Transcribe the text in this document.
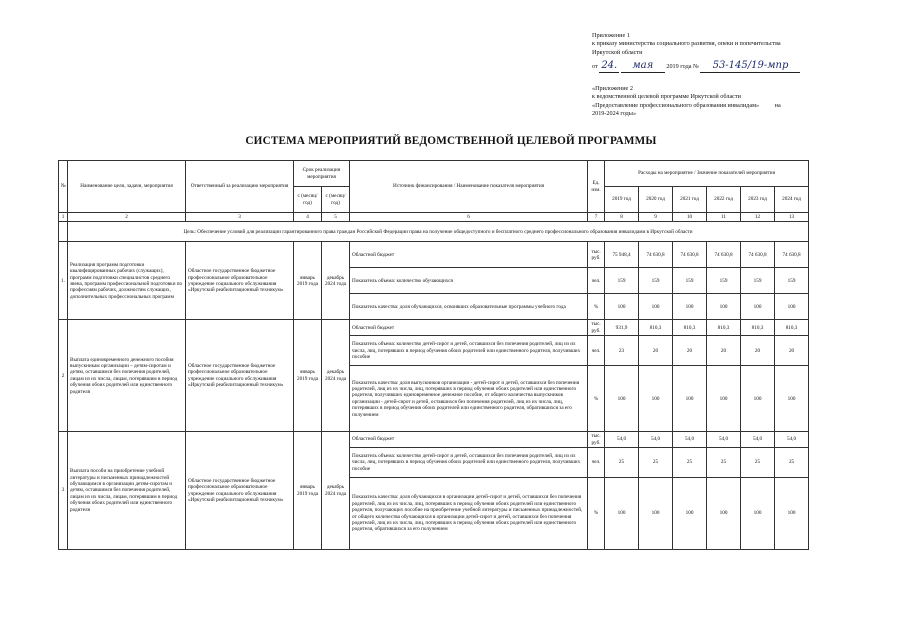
Приложение 1

к приказу министерства социального развития, опеки и попечительства

Иркутской области

от 24. мая 2019 года № 53-145/19-мпр

«Приложение 2

к ведомственной целевой программе Иркутской области

«Предоставление профессионального образования инвалидам»	на

2019-2024 годы»

СИСТЕМА МЕРОПРИЯТИЙ ВЕДОМСТВЕННОЙ ЦЕЛЕВОЙ ПРОГРАММЫ
№	Наименование цели, задачи, мероприятия	Ответственный за реализацию мероприятия	Срок реализации мероприятия		Источник финансирования / Наименование показателя мероприятия	Ед. изм.	Расходы на мероприятие / Значение показателей мероприятия					
			с (месяц/год)	с (месяц/год)			2019 год	2020 год	2021 год	2022 год	2023 год	2024 год
1	2	3	4	5	6	7	8	9	10	11	12	13
	Цель: Обеспечение условий для реализации гарантированного права граждан Российской Федерации права на получение общедоступного и бесплатного среднего профессионального образования инвалидами в Иркутской области											
1.	Реализация программ подготовки квалифицированных рабочих (служащих), программ подготовки специалистов среднего звена, программ профессиональной подготовки по профессиям рабочих, должностям служащих, дополнительных профессиональных программ	Областное государственное бюджетное профессиональное образовательное учреждение социального обслуживания «Иркутский реабилитационный техникум»	январь 2019 года	декабрь 2024 года	Областной бюджет	тыс. руб.	75 948,4	74 630,8	74 630,8	74 630,8	74 630,8	74 630,8
					Показатель объема: количество обучающихся	чел.	159	159	159	159	159	159
					Показатель качества: доля обучающихся, освоивших образовательные программы учебного года	%	100	100	100	100	100	100
2	Выплата единовременного денежного пособия выпускникам организации – детям-сиротам и детям, оставшимся без попечения родителей, лицам из их числа, лицам, потерявшим в период обучения обоих родителей или единственного родителя	Областное государственное бюджетное профессиональное образовательное учреждение социального обслуживания «Иркутский реабилитационный техникум»	январь 2019 года	декабрь 2024 года	Областной бюджет	тыс. руб.	931,9	810,3	810,3	810,3	810,3	810,3
					Показатель объема: количество детей-сирот и детей, оставшихся без попечения родителей, лиц из их числа, лиц, потерявших в период обучения обоих родителей или единственного родителя, получивших пособие	чел.	23	20	20	20	20	20
					Показатель качества: доля выпускников организации - детей-сирот и детей, оставшихся без попечения родителей, лиц из их числа, лиц, потерявших в период обучения обоих родителей или единственного родителя, получивших единовременное денежное пособие, от общего количества выпускников организации - детей-сирот и детей, оставшихся без попечения родителей, лиц из их числа, лиц, потерявших в период обучения обоих родителей или единственного родителя, обратившихся за его получением	%	100	100	100	100	100	100
3	Выплата пособи на приобретение учебной литературы и письменных принадлежностей обучающимся в организации детям-сиротам и детям, оставшимся без попечения родителей, лицам из их числа, лицам, потерявшим в период обучения обоих родителей или единственного родителя	Областное государственное бюджетное профессиональное образовательное учреждение социального обслуживания «Иркутский реабилитационный техникум»	январь 2019 года	декабрь 2024 года	Областной бюджет	тыс. руб.	54,0	54,0	54,0	54,0	54,0	54,0
					Показатель объема: количество детей-сирот и детей, оставшихся без попечения родителей, лиц из их числа, лиц, потерявших в период обучения обоих родителей или единственного родителя, получивших пособие	чел.	25	25	25	25	25	25
					Показатель качества: доля обучающихся в организации детей-сирот и детей, оставшихся без попечения родителей, лиц из их числа, лиц, потерявших в период обучения обоих родителей или единственного родителя, получающих пособие на приобретение учебной литературы и письменных принадлежностей, от общего количества обучающихся в организации детей-сирот и детей, оставшихся без попечения родителей, лиц из их числа, лиц, потерявших в период обучения обоих родителей или единственного родителя, обратившихся за его получением	%	100	100	100	100	100	100
